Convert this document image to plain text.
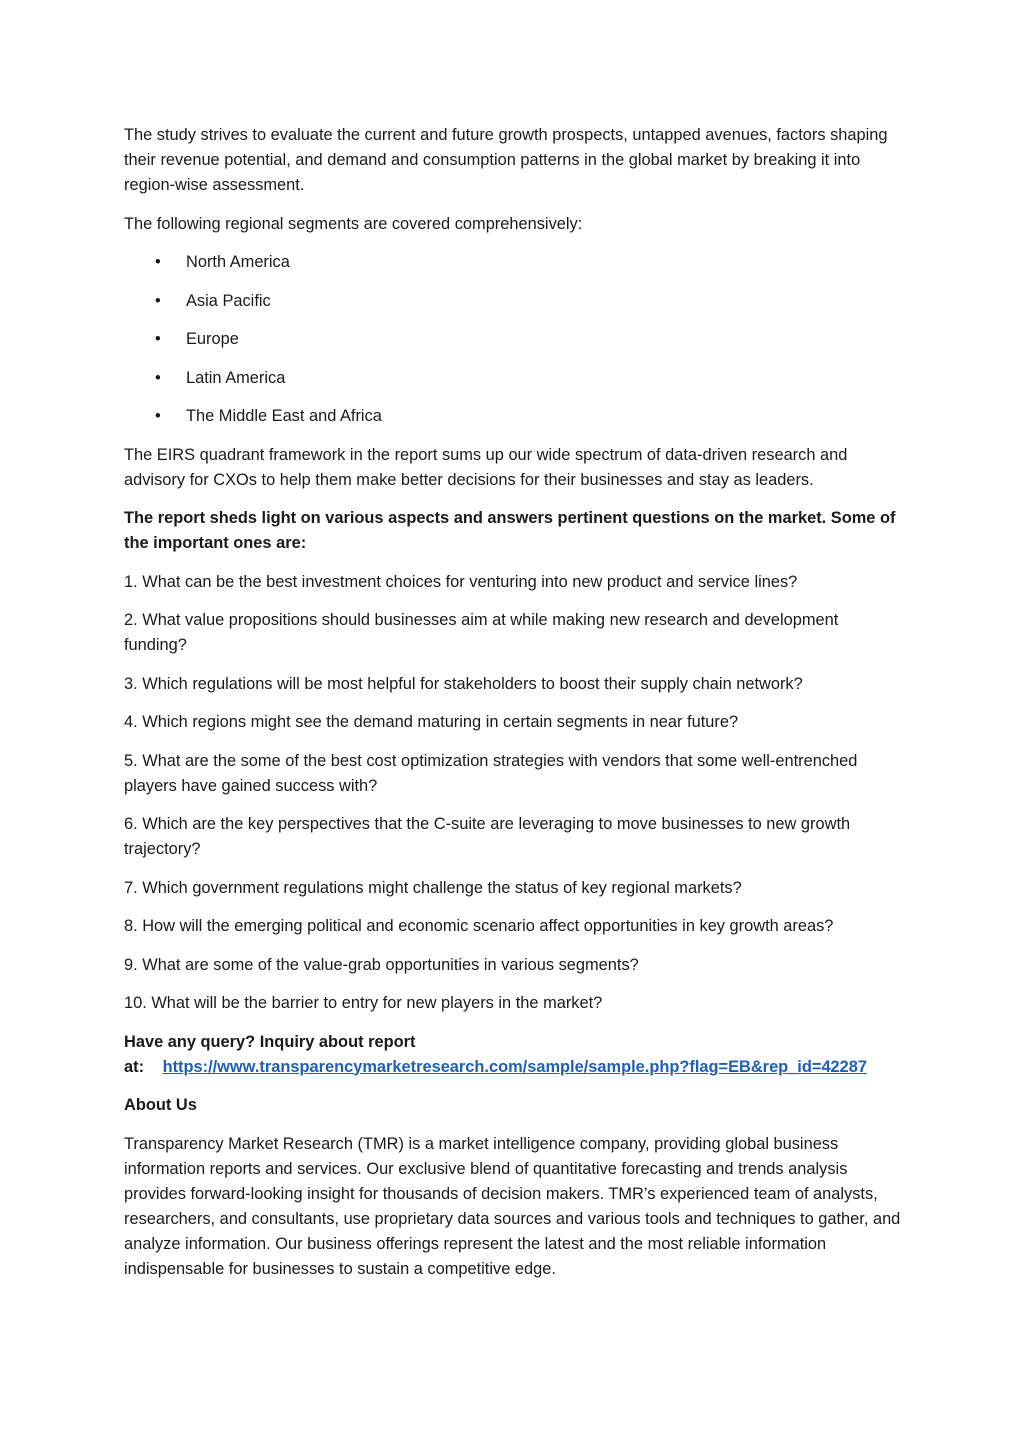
The study strives to evaluate the current and future growth prospects, untapped avenues, factors shaping their revenue potential, and demand and consumption patterns in the global market by breaking it into region-wise assessment.

The following regional segments are covered comprehensively:

• North America
• Asia Pacific
• Europe
• Latin America
• The Middle East and Africa

The EIRS quadrant framework in the report sums up our wide spectrum of data-driven research and advisory for CXOs to help them make better decisions for their businesses and stay as leaders.

The report sheds light on various aspects and answers pertinent questions on the market. Some of the important ones are:

1. What can be the best investment choices for venturing into new product and service lines?

2. What value propositions should businesses aim at while making new research and development funding?

3. Which regulations will be most helpful for stakeholders to boost their supply chain network?

4. Which regions might see the demand maturing in certain segments in near future?

5. What are the some of the best cost optimization strategies with vendors that some well-entrenched players have gained success with?

6. Which are the key perspectives that the C-suite are leveraging to move businesses to new growth trajectory?

7. Which government regulations might challenge the status of key regional markets?

8. How will the emerging political and economic scenario affect opportunities in key growth areas?

9. What are some of the value-grab opportunities in various segments?

10. What will be the barrier to entry for new players in the market?

Have any query? Inquiry about report
at: https://www.transparencymarketresearch.com/sample/sample.php?flag=EB&rep_id=42287

About Us

Transparency Market Research (TMR) is a market intelligence company, providing global business information reports and services. Our exclusive blend of quantitative forecasting and trends analysis provides forward-looking insight for thousands of decision makers. TMR’s experienced team of analysts, researchers, and consultants, use proprietary data sources and various tools and techniques to gather, and analyze information. Our business offerings represent the latest and the most reliable information indispensable for businesses to sustain a competitive edge.
